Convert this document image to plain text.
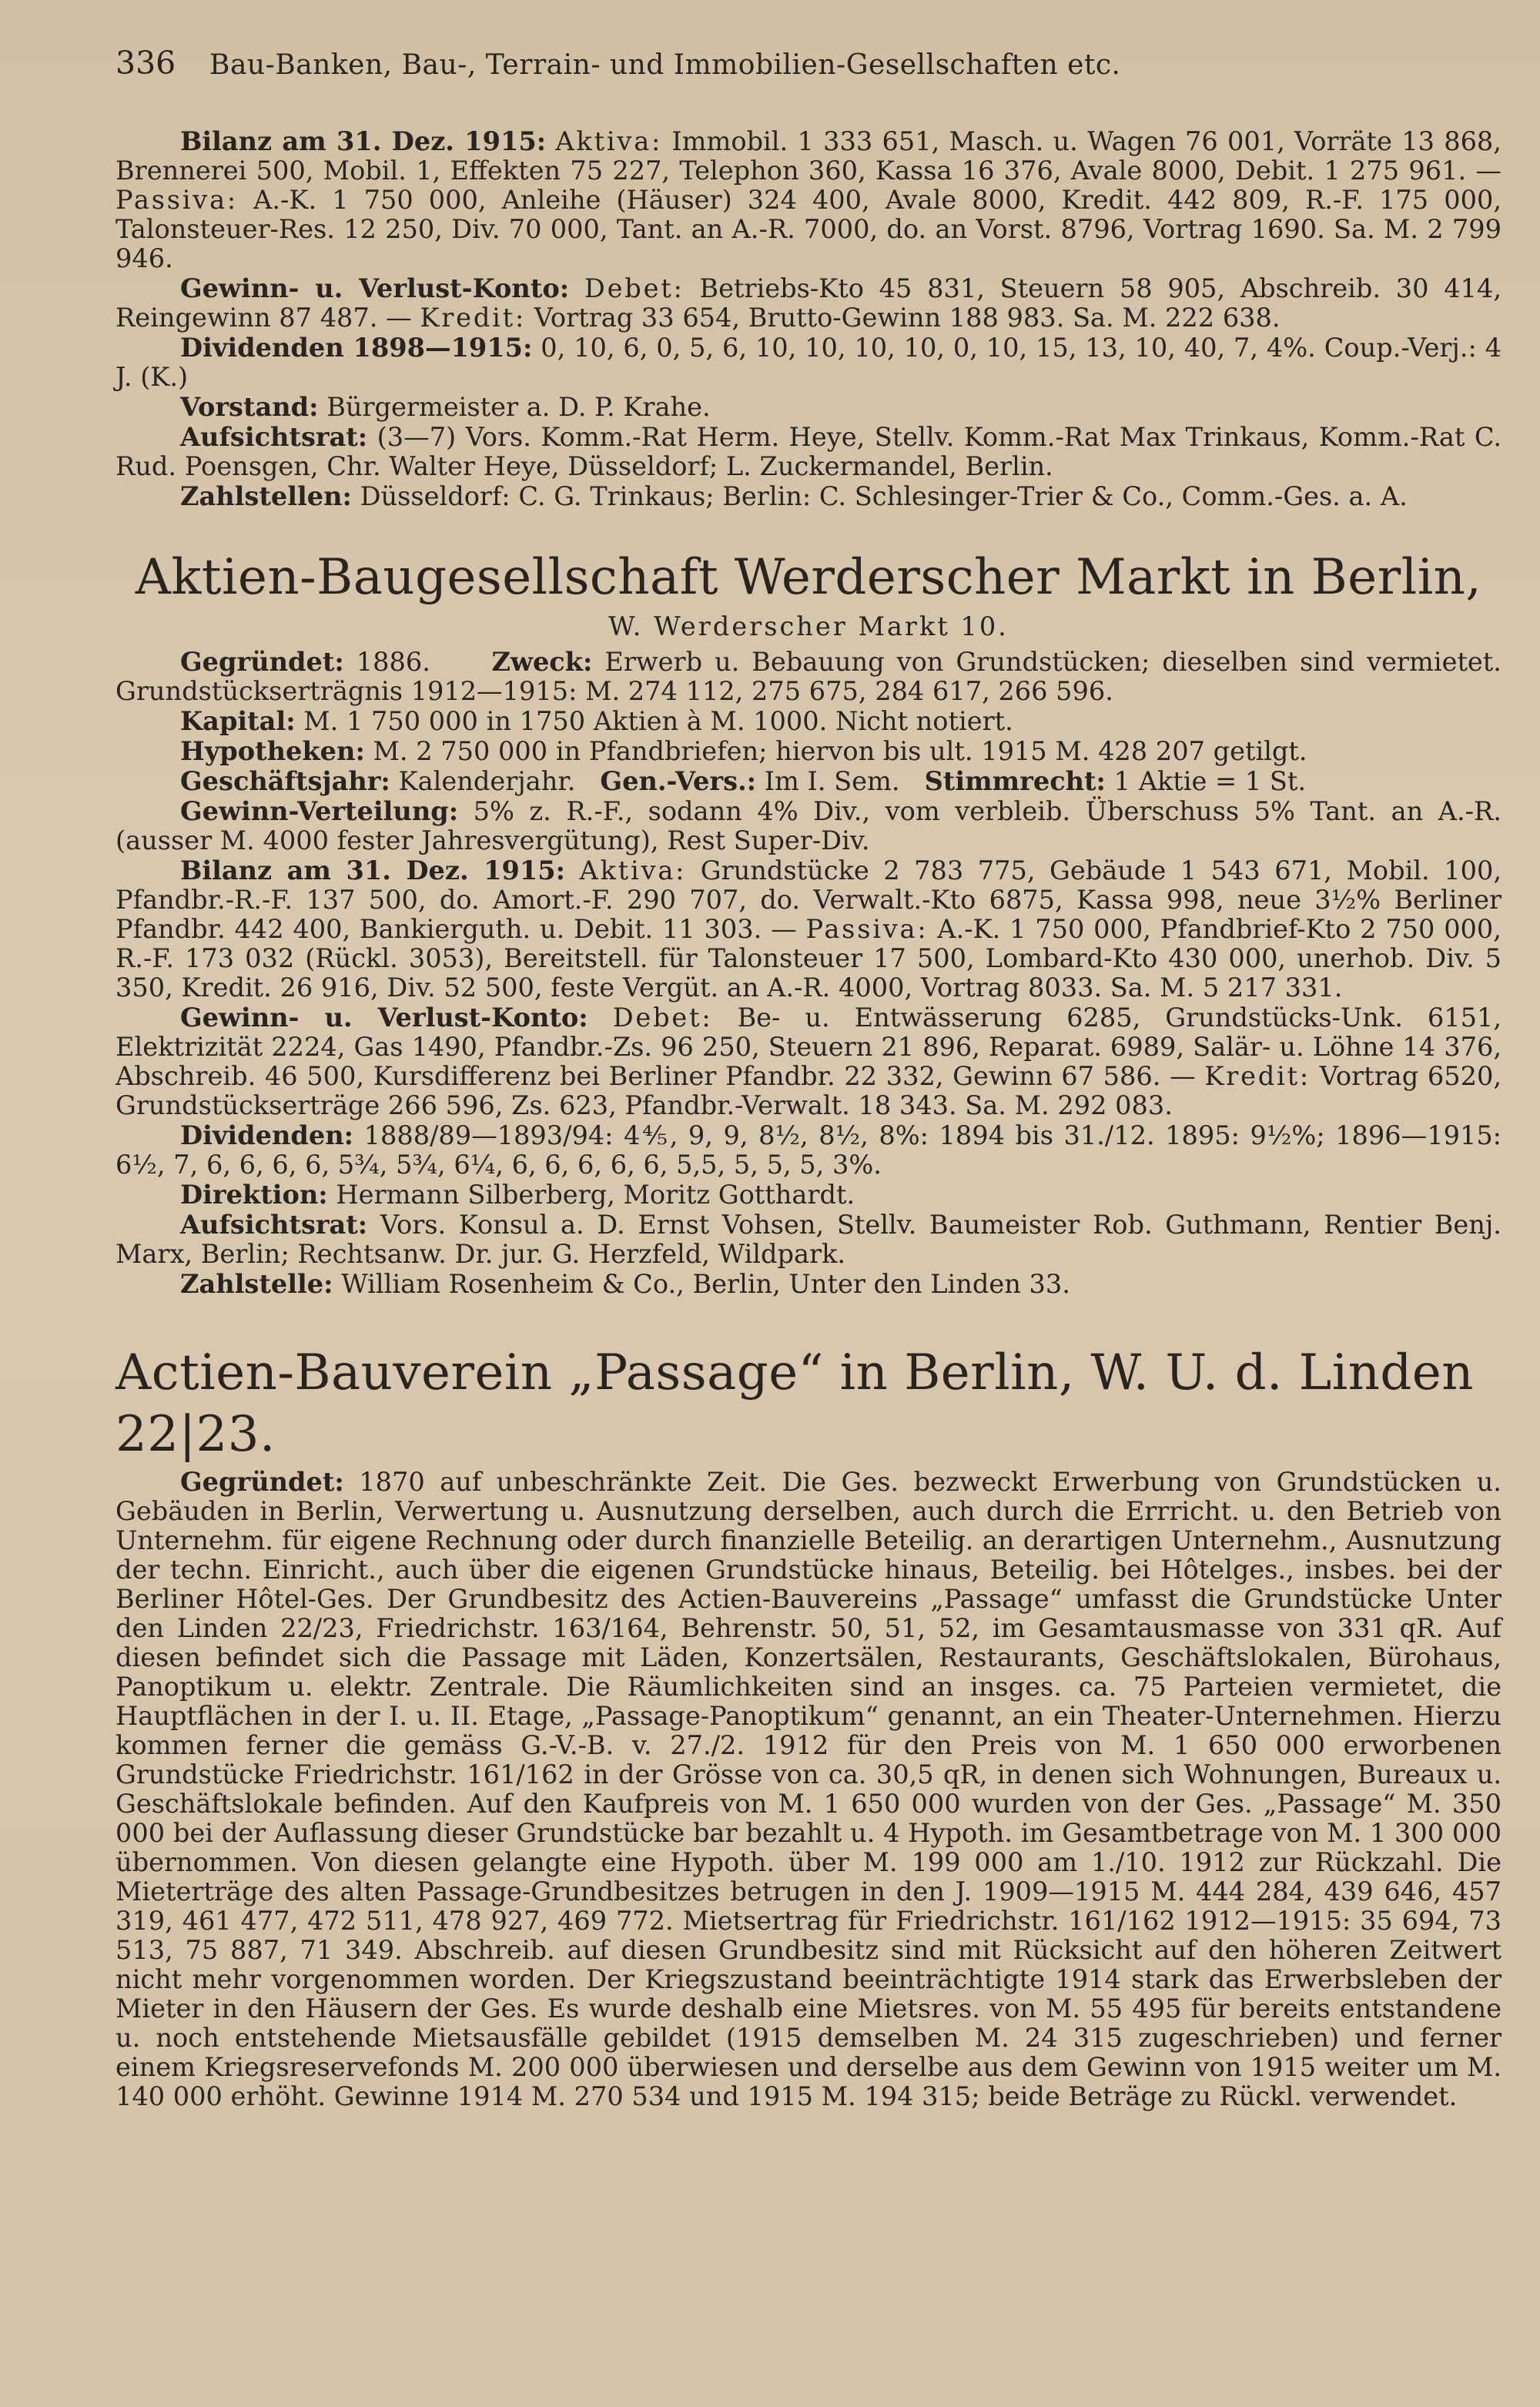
336 Bau-Banken, Bau-, Terrain- und Immobilien-Gesellschaften etc.

Bilanz am 31. Dez. 1915: Aktiva: Immobil. 1 333 651, Masch. u. Wagen 76 001, Vorräte 13 868, Brennerei 500, Mobil. 1, Effekten 75 227, Telephon 360, Kassa 16 376, Avale 8000, Debit. 1 275 961. — Passiva: A.-K. 1 750 000, Anleihe (Häuser) 324 400, Avale 8000, Kredit. 442 809, R.-F. 175 000, Talonsteuer-Res. 12 250, Div. 70 000, Tant. an A.-R. 7000, do. an Vorst. 8796, Vortrag 1690. Sa. M. 2 799 946.

Gewinn- u. Verlust-Konto: Debet: Betriebs-Kto 45 831, Steuern 58 905, Abschreib. 30 414, Reingewinn 87 487. — Kredit: Vortrag 33 654, Brutto-Gewinn 188 983. Sa. M. 222 638.

Dividenden 1898—1915: 0, 10, 6, 0, 5, 6, 10, 10, 10, 10, 0, 10, 15, 13, 10, 40, 7, 4%. Coup.-Verj.: 4 J. (K.)

Vorstand: Bürgermeister a. D. P. Krahe.

Aufsichtsrat: (3—7) Vors. Komm.-Rat Herm. Heye, Stellv. Komm.-Rat Max Trinkaus, Komm.-Rat C. Rud. Poensgen, Chr. Walter Heye, Düsseldorf; L. Zuckermandel, Berlin.

Zahlstellen: Düsseldorf: C. G. Trinkaus; Berlin: C. Schlesinger-Trier & Co., Comm.-Ges. a. A.

Aktien-Baugesellschaft Werderscher Markt in Berlin,
W. Werderscher Markt 10.

Gegründet: 1886. Zweck: Erwerb u. Bebauung von Grundstücken; dieselben sind vermietet. Grundstückserträgnis 1912—1915: M. 274 112, 275 675, 284 617, 266 596.

Kapital: M. 1 750 000 in 1750 Aktien à M. 1000. Nicht notiert.

Hypotheken: M. 2 750 000 in Pfandbriefen; hiervon bis ult. 1915 M. 428 207 getilgt.

Geschäftsjahr: Kalenderjahr. Gen.-Vers.: Im I. Sem. Stimmrecht: 1 Aktie = 1 St.

Gewinn-Verteilung: 5% z. R.-F., sodann 4% Div., vom verbleib. Überschuss 5% Tant. an A.-R. (ausser M. 4000 fester Jahresvergütung), Rest Super-Div.

Bilanz am 31. Dez. 1915: Aktiva: Grundstücke 2 783 775, Gebäude 1 543 671, Mobil. 100, Pfandbr.-R.-F. 137 500, do. Amort.-F. 290 707, do. Verwalt.-Kto 6875, Kassa 998, neue 3½% Berliner Pfandbr. 442 400, Bankierguth. u. Debit. 11 303. — Passiva: A.-K. 1 750 000, Pfandbrief-Kto 2 750 000, R.-F. 173 032 (Rückl. 3053), Bereitstell. für Talonsteuer 17 500, Lombard-Kto 430 000, unerhob. Div. 5 350, Kredit. 26 916, Div. 52 500, feste Vergüt. an A.-R. 4000, Vortrag 8033. Sa. M. 5 217 331.

Gewinn- u. Verlust-Konto: Debet: Be- u. Entwässerung 6285, Grundstücks-Unk. 6151, Elektrizität 2224, Gas 1490, Pfandbr.-Zs. 96 250, Steuern 21 896, Reparat. 6989, Salär- u. Löhne 14 376, Abschreib. 46 500, Kursdifferenz bei Berliner Pfandbr. 22 332, Gewinn 67 586. — Kredit: Vortrag 6520, Grundstückserträge 266 596, Zs. 623, Pfandbr.-Verwalt. 18 343. Sa. M. 292 083.

Dividenden: 1888/89—1893/94: 4⅘, 9, 9, 8½, 8½, 8%: 1894 bis 31./12. 1895: 9½%; 1896—1915: 6½, 7, 6, 6, 6, 6, 5¾, 5¾, 6¼, 6, 6, 6, 6, 6, 5,5, 5, 5, 5, 3%.

Direktion: Hermann Silberberg, Moritz Gotthardt.

Aufsichtsrat: Vors. Konsul a. D. Ernst Vohsen, Stellv. Baumeister Rob. Guthmann, Rentier Benj. Marx, Berlin; Rechtsanw. Dr. jur. G. Herzfeld, Wildpark.

Zahlstelle: William Rosenheim & Co., Berlin, Unter den Linden 33.

Actien-Bauverein „Passage“ in Berlin, W. U. d. Linden 22|23.

Gegründet: 1870 auf unbeschränkte Zeit. Die Ges. bezweckt Erwerbung von Grundstücken u. Gebäuden in Berlin, Verwertung u. Ausnutzung derselben, auch durch die Errricht. u. den Betrieb von Unternehm. für eigene Rechnung oder durch finanzielle Beteilig. an derartigen Unternehm., Ausnutzung der techn. Einricht., auch über die eigenen Grundstücke hinaus, Beteilig. bei Hôtelges., insbes. bei der Berliner Hôtel-Ges. Der Grundbesitz des Actien-Bauvereins „Passage“ umfasst die Grundstücke Unter den Linden 22/23, Friedrichstr. 163/164, Behrenstr. 50, 51, 52, im Gesamtausmasse von 331 qR. Auf diesen befindet sich die Passage mit Läden, Konzertsälen, Restaurants, Geschäftslokalen, Bürohaus, Panoptikum u. elektr. Zentrale. Die Räumlichkeiten sind an insges. ca. 75 Parteien vermietet, die Hauptflächen in der I. u. II. Etage, „Passage-Panoptikum“ genannt, an ein Theater-Unternehmen. Hierzu kommen ferner die gemäss G.-V.-B. v. 27./2. 1912 für den Preis von M. 1 650 000 erworbenen Grundstücke Friedrichstr. 161/162 in der Grösse von ca. 30,5 qR, in denen sich Wohnungen, Bureaux u. Geschäftslokale befinden. Auf den Kaufpreis von M. 1 650 000 wurden von der Ges. „Passage“ M. 350 000 bei der Auflassung dieser Grundstücke bar bezahlt u. 4 Hypoth. im Gesamtbetrage von M. 1 300 000 übernommen. Von diesen gelangte eine Hypoth. über M. 199 000 am 1./10. 1912 zur Rückzahl. Die Mieterträge des alten Passage-Grundbesitzes betrugen in den J. 1909—1915 M. 444 284, 439 646, 457 319, 461 477, 472 511, 478 927, 469 772. Mietsertrag für Friedrichstr. 161/162 1912—1915: 35 694, 73 513, 75 887, 71 349. Abschreib. auf diesen Grundbesitz sind mit Rücksicht auf den höheren Zeitwert nicht mehr vorgenommen worden. Der Kriegszustand beeinträchtigte 1914 stark das Erwerbsleben der Mieter in den Häusern der Ges. Es wurde deshalb eine Mietsres. von M. 55 495 für bereits entstandene u. noch entstehende Mietsausfälle gebildet (1915 demselben M. 24 315 zugeschrieben) und ferner einem Kriegsreservefonds M. 200 000 überwiesen und derselbe aus dem Gewinn von 1915 weiter um M. 140 000 erhöht. Gewinne 1914 M. 270 534 und 1915 M. 194 315; beide Beträge zu Rückl. verwendet.
